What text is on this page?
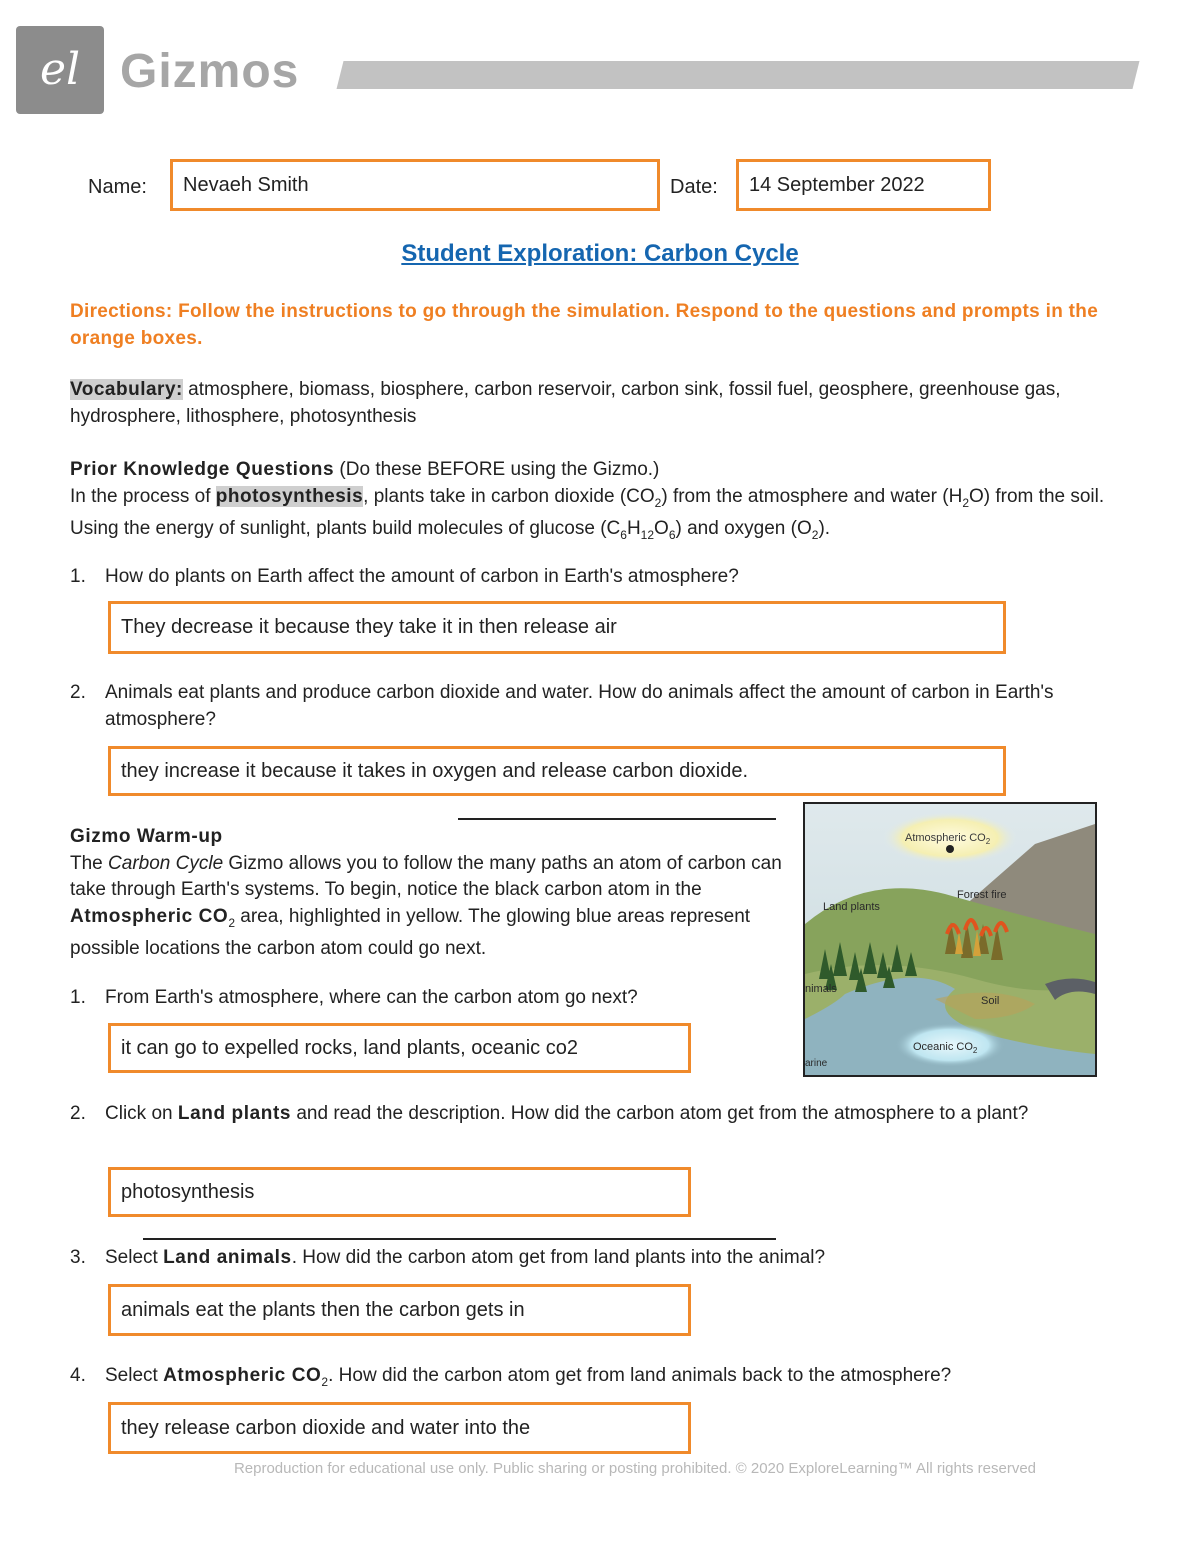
el Gizmos
Name:	Nevaeh Smith	Date:	14 September 2022
Student Exploration: Carbon Cycle
Directions: Follow the instructions to go through the simulation. Respond to the questions and prompts in the orange boxes.
Vocabulary: atmosphere, biomass, biosphere, carbon reservoir, carbon sink, fossil fuel, geosphere, greenhouse gas, hydrosphere, lithosphere, photosynthesis
Prior Knowledge Questions (Do these BEFORE using the Gizmo.)
In the process of photosynthesis, plants take in carbon dioxide $(CO_2)$ from the atmosphere and water $(H_2O)$ from the soil. Using the energy of sunlight, plants build molecules of glucose $(C_6H_{12}O_6)$ and oxygen $(O_2)$.
1. How do plants on Earth affect the amount of carbon in Earth's atmosphere?
They decrease it because they take it in then release air
2. Animals eat plants and produce carbon dioxide and water. How do animals affect the amount of carbon in Earth's atmosphere?
they increase it because it takes in oxygen and release carbon dioxide.
Gizmo Warm-up
The Carbon Cycle Gizmo allows you to follow the many paths an atom of carbon can take through Earth's systems. To begin, notice the black carbon atom in the Atmospheric $CO_2$ area, highlighted in yellow. The glowing blue areas represent possible locations the carbon atom could go next.
Atmospheric $CO_2$
Forest fire
Land plants
nimals
Soil
Oceanic $CO_2$
arine
1. From Earth's atmosphere, where can the carbon atom go next?
it can go to expelled rocks, land plants, oceanic co2
2. Click on Land plants and read the description. How did the carbon atom get from the atmosphere to a plant?
photosynthesis
3. Select Land animals. How did the carbon atom get from land plants into the animal?
animals eat the plants then the carbon gets in
4. Select Atmospheric $CO_2$. How did the carbon atom get from land animals back to the atmosphere?
they release carbon dioxide and water into the
Reproduction for educational use only. Public sharing or posting prohibited. © 2020 ExploreLearning™ All rights reserved
